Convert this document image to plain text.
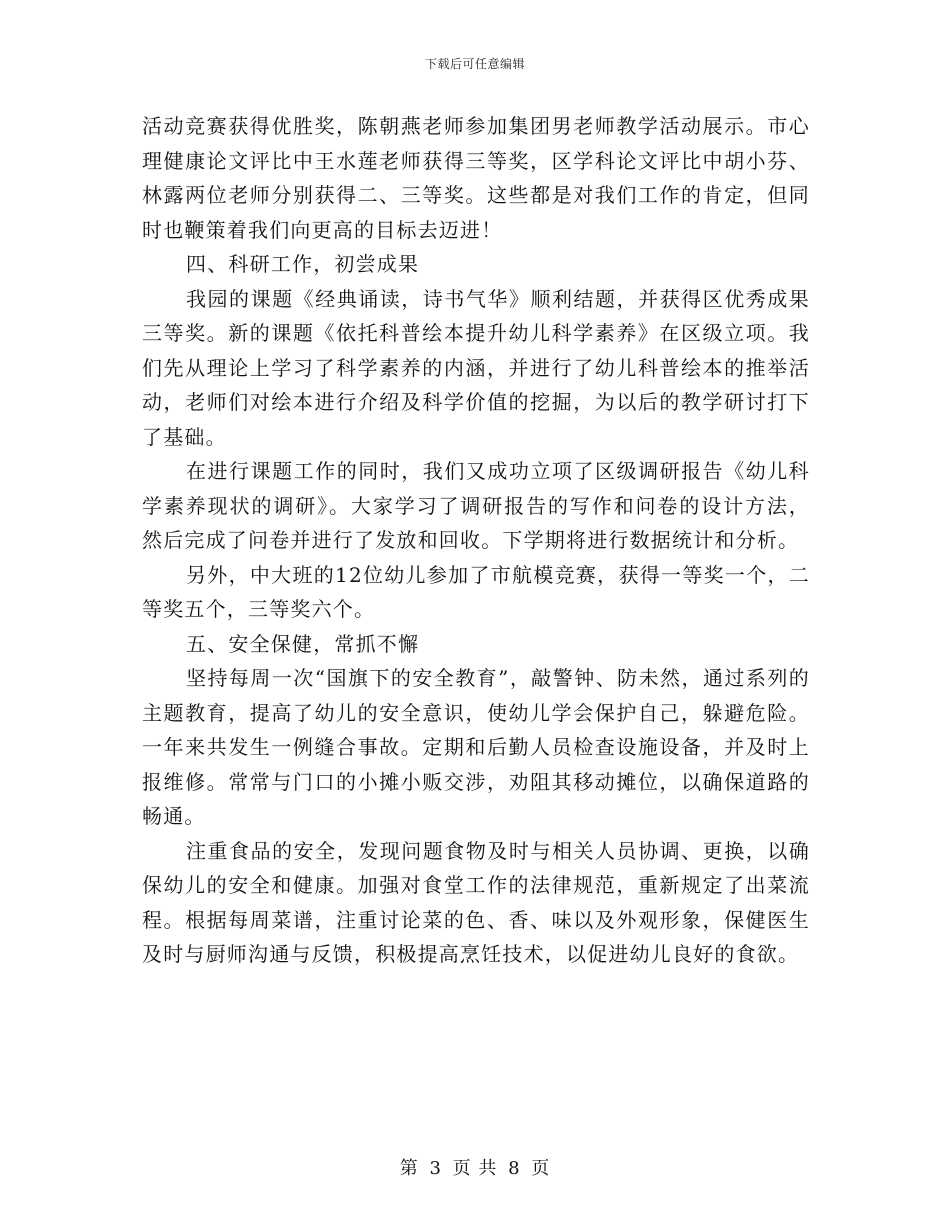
下载后可任意编辑

活动竞赛获得优胜奖，陈朝燕老师参加集团男老师教学活动展示。市心理健康论文评比中王水莲老师获得三等奖，区学科论文评比中胡小芬、林露两位老师分别获得二、三等奖。这些都是对我们工作的肯定，但同时也鞭策着我们向更高的目标去迈进！

四、科研工作，初尝成果

我园的课题《经典诵读，诗书气华》顺利结题，并获得区优秀成果三等奖。新的课题《依托科普绘本提升幼儿科学素养》在区级立项。我们先从理论上学习了科学素养的内涵，并进行了幼儿科普绘本的推举活动，老师们对绘本进行介绍及科学价值的挖掘，为以后的教学研讨打下了基础。

在进行课题工作的同时，我们又成功立项了区级调研报告《幼儿科学素养现状的调研》。大家学习了调研报告的写作和问卷的设计方法，然后完成了问卷并进行了发放和回收。下学期将进行数据统计和分析。

另外，中大班的12位幼儿参加了市航模竞赛，获得一等奖一个，二等奖五个，三等奖六个。

五、安全保健，常抓不懈

坚持每周一次“国旗下的安全教育”，敲警钟、防未然，通过系列的主题教育，提高了幼儿的安全意识，使幼儿学会保护自己，躲避危险。一年来共发生一例缝合事故。定期和后勤人员检查设施设备，并及时上报维修。常常与门口的小摊小贩交涉，劝阻其移动摊位，以确保道路的畅通。

注重食品的安全，发现问题食物及时与相关人员协调、更换，以确保幼儿的安全和健康。加强对食堂工作的法律规范，重新规定了出菜流程。根据每周菜谱，注重讨论菜的色、香、味以及外观形象，保健医生及时与厨师沟通与反馈，积极提高烹饪技术，以促进幼儿良好的食欲。

第 3 页 共 8 页
